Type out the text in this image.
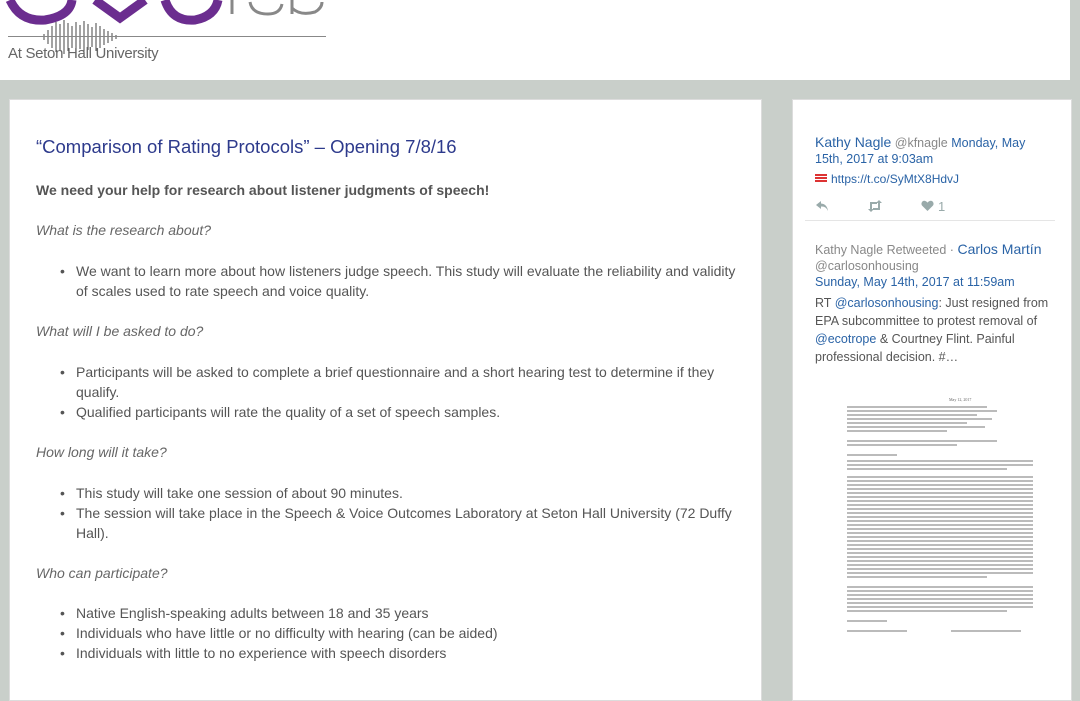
At Seton Hall University
“Comparison of Rating Protocols” – Opening 7/8/16
We need your help for research about listener judgments of speech!
What is the research about?
• We want to learn more about how listeners judge speech. This study will evaluate the reliability and validity of scales used to rate speech and voice quality.
What will I be asked to do?
• Participants will be asked to complete a brief questionnaire and a short hearing test to determine if they qualify.
• Qualified participants will rate the quality of a set of speech samples.
How long will it take?
• This study will take one session of about 90 minutes.
• The session will take place in the Speech & Voice Outcomes Laboratory at Seton Hall University (72 Duffy Hall).
Who can participate?
• Native English-speaking adults between 18 and 35 years
• Individuals who have little or no difficulty with hearing (can be aided)
• Individuals with little to no experience with speech disorders
Kathy Nagle @kfnagle Monday, May 15th, 2017 at 9:03am
https://t.co/SyMtX8HdvJ
1
Kathy Nagle Retweeted · Carlos Martín
@carlosonhousing
Sunday, May 14th, 2017 at 11:59am
RT @carlosonhousing: Just resigned from EPA subcommittee to protest removal of @ecotrope & Courtney Flint. Painful professional decision. #…
May 12, 2017
